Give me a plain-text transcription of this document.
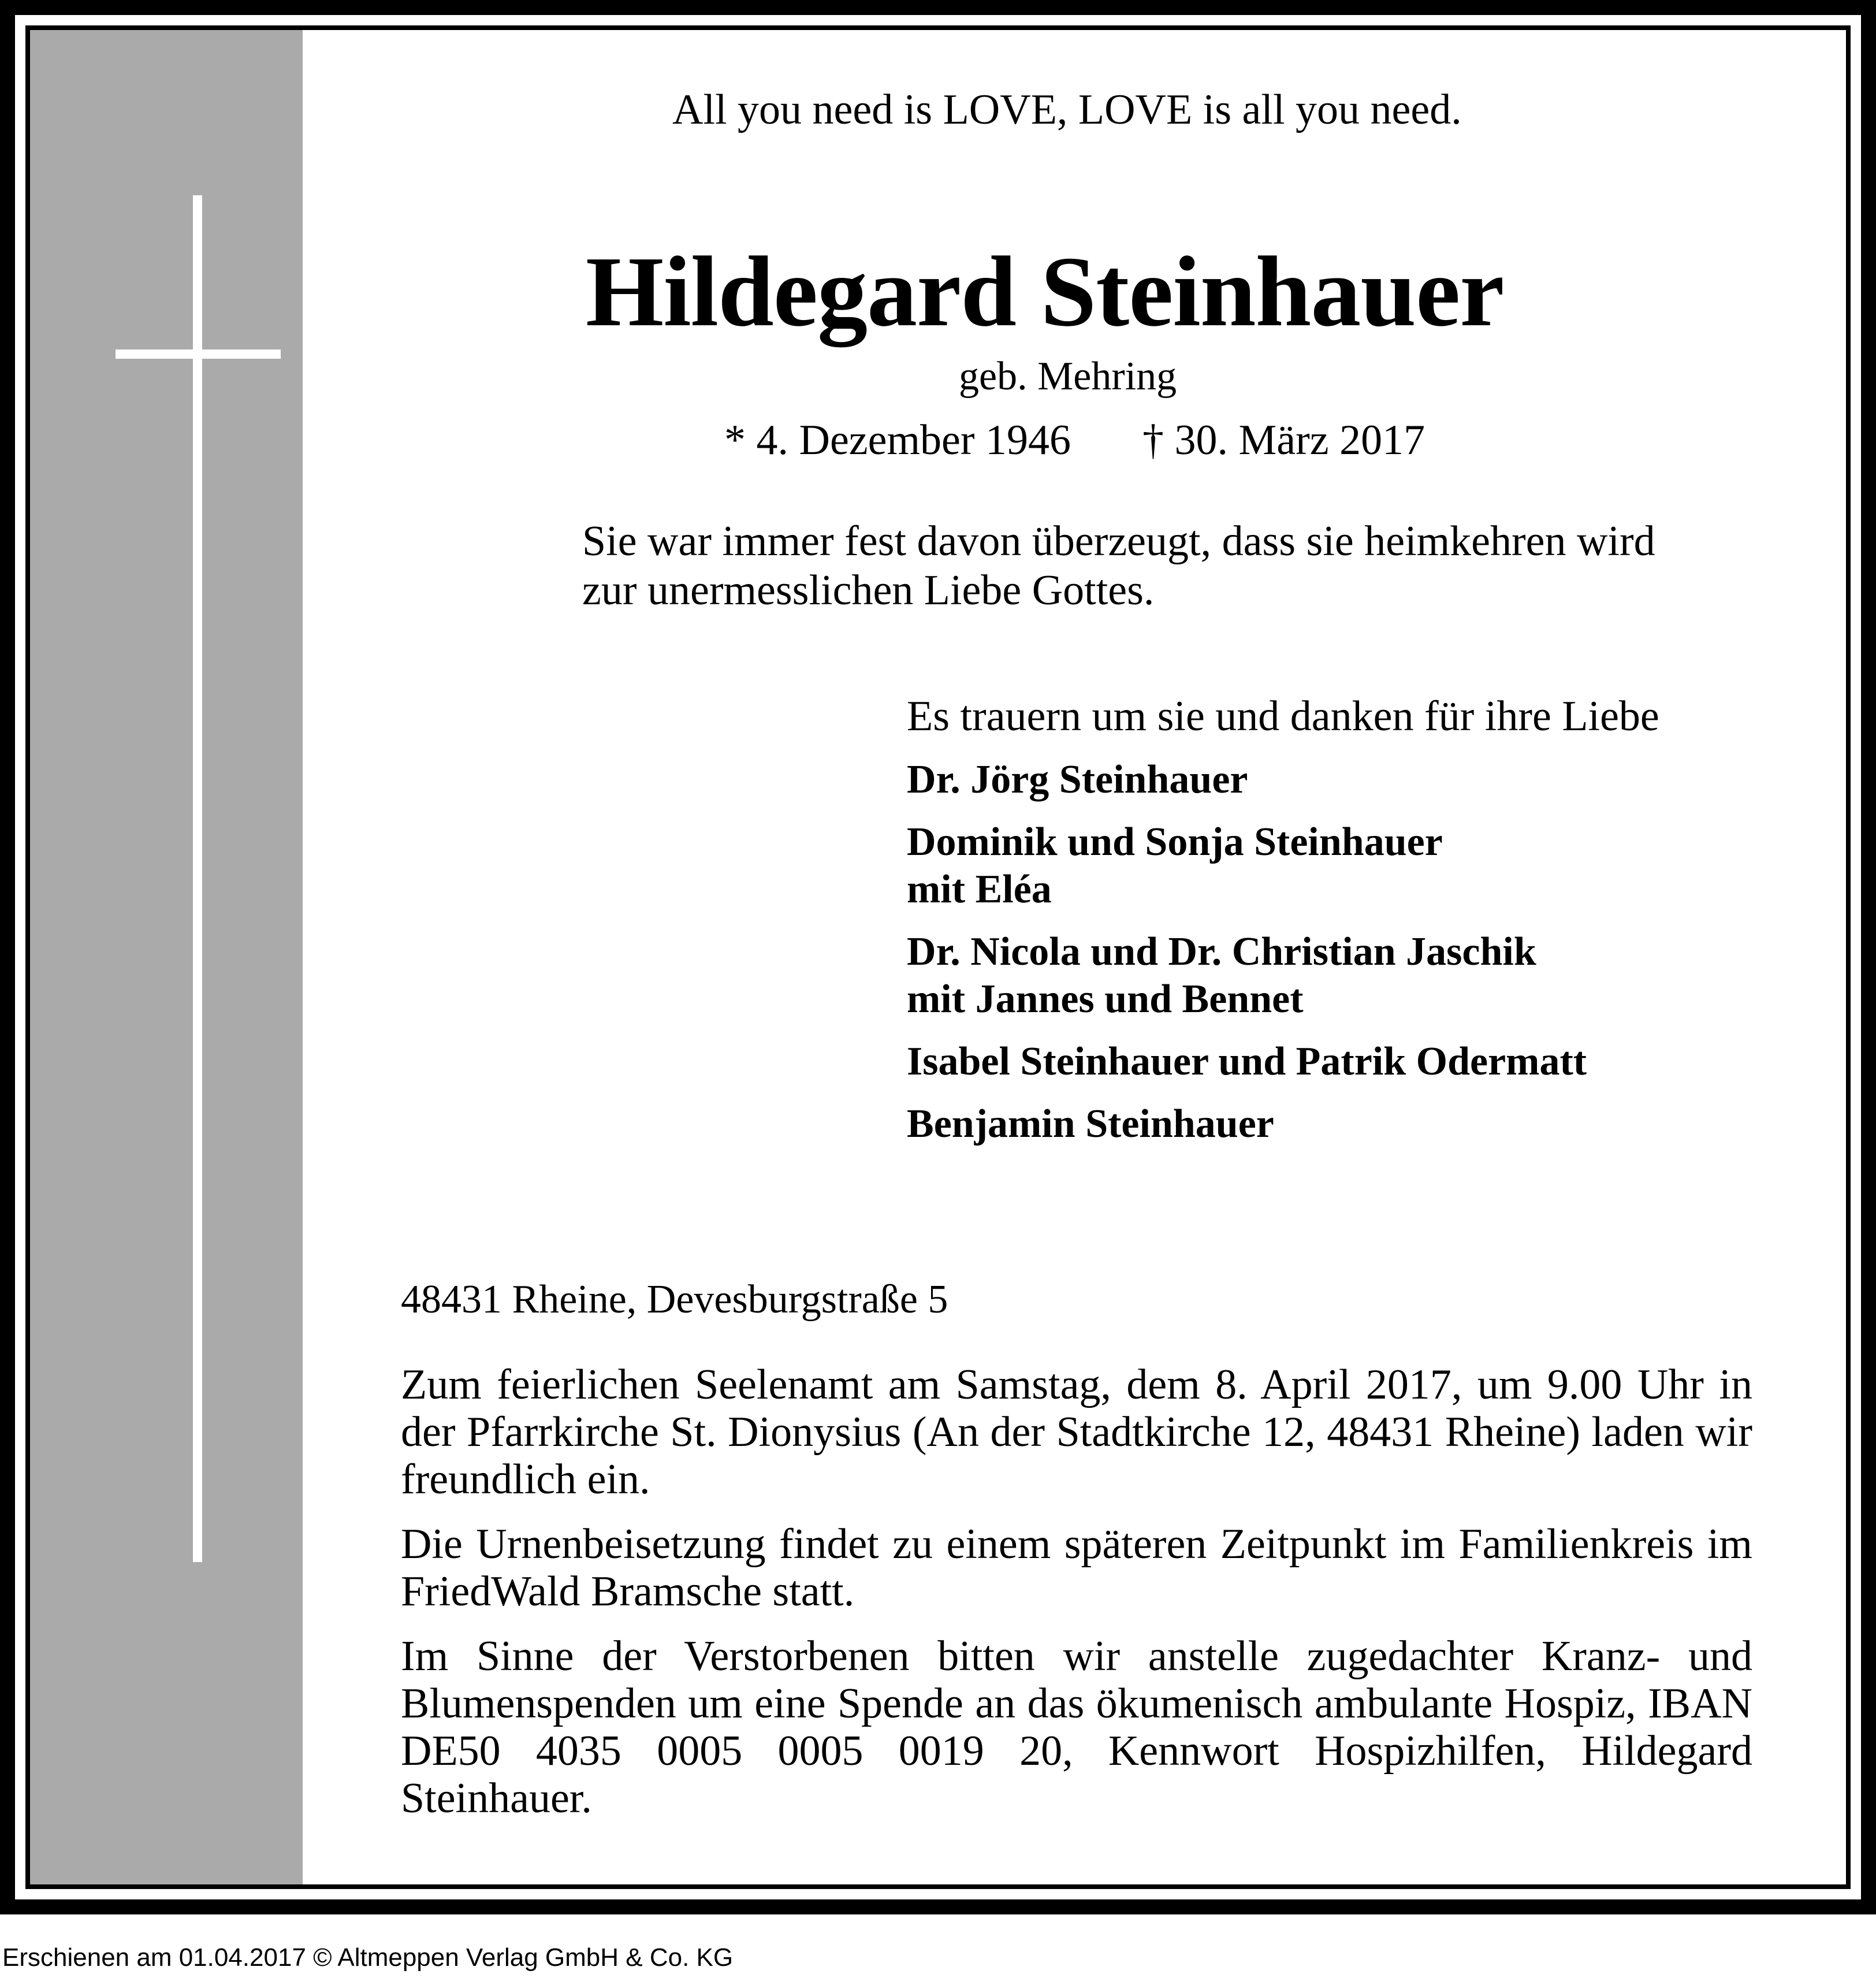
All you need is LOVE, LOVE is all you need.
Hildegard Steinhauer
geb. Mehring
* 4. Dezember 1946 † 30. März 2017
Sie war immer fest davon überzeugt, dass sie heimkehren wird
zur unermesslichen Liebe Gottes.
Es trauern um sie und danken für ihre Liebe
Dr. Jörg Steinhauer
Dominik und Sonja Steinhauer
mit Eléa
Dr. Nicola und Dr. Christian Jaschik
mit Jannes und Bennet
Isabel Steinhauer und Patrik Odermatt
Benjamin Steinhauer
48431 Rheine, Devesburgstraße 5
Zum feierlichen Seelenamt am Samstag, dem 8. April 2017, um 9.00 Uhr in der Pfarrkirche St. Dionysius (An der Stadtkirche 12, 48431 Rheine) laden wir freundlich ein.
Die Urnenbeisetzung findet zu einem späteren Zeitpunkt im Familienkreis im FriedWald Bramsche statt.
Im Sinne der Verstorbenen bitten wir anstelle zugedachter Kranz- und Blumenspenden um eine Spende an das ökumenisch ambulante Hospiz, IBAN DE50 4035 0005 0005 0019 20, Kennwort Hospizhilfen, Hildegard Steinhauer.
Erschienen am 01.04.2017 © Altmeppen Verlag GmbH & Co. KG
